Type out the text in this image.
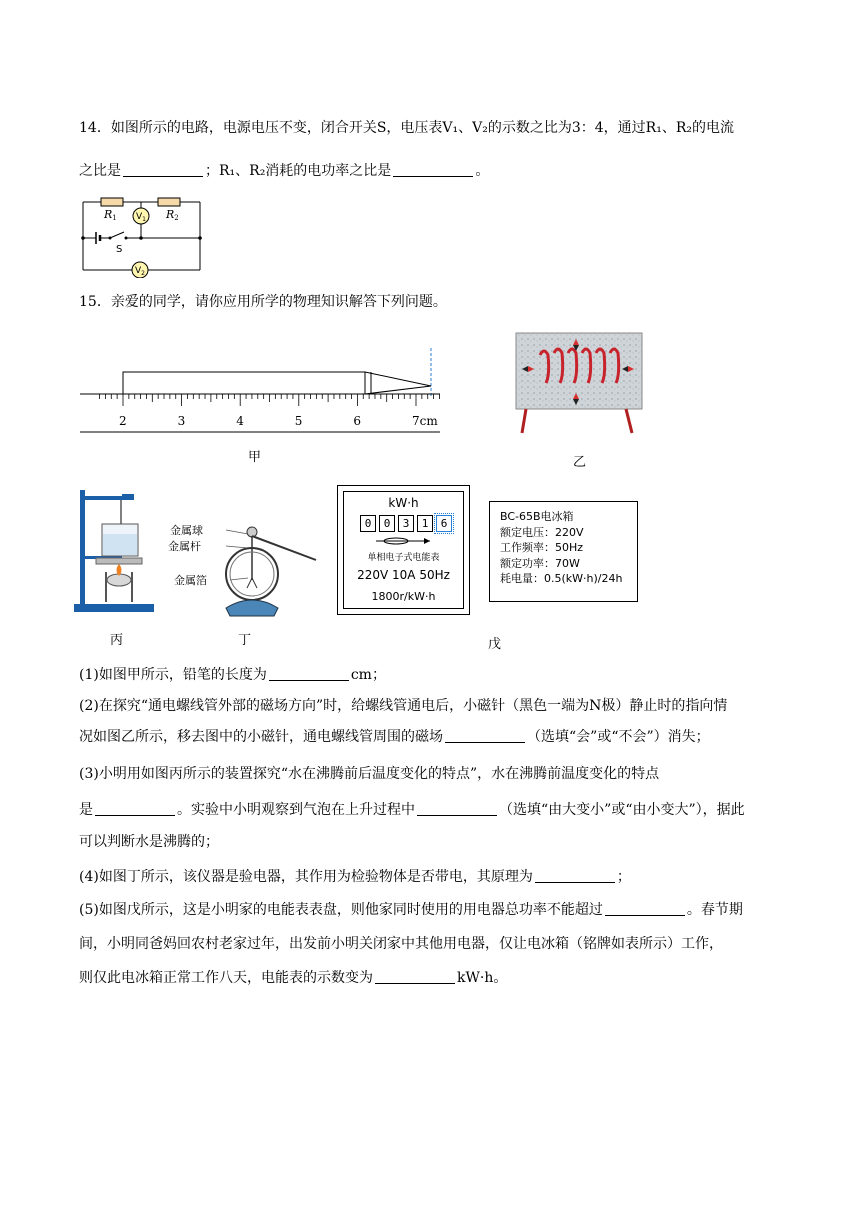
14．如图所示的电路，电源电压不变，闭合开关S，电压表V₁、V₂的示数之比为3：4，通过R₁、R₂的电流
之比是	；R₁、R₂消耗的电功率之比是	。
R1	R2
$V_1$
$V_2$
S
15．亲爱的同学，请你应用所学的物理知识解答下列问题。
2	3	4	5	6	7cm
甲	乙
丙
金属球
金属杆
金属箔
丁
kW·h
0	0	3	1	6
单相电子式电能表
220V 10A 50Hz
1800r/kW·h
戊
BC-65B电冰箱
额定电压：220V
工作频率：50Hz
额定功率：70W
耗电量：0.5(kW·h)/24h
(1)如图甲所示，铅笔的长度为	cm；
(2)在探究“通电螺线管外部的磁场方向”时，给螺线管通电后，小磁针（黑色一端为N极）静止时的指向情
况如图乙所示，移去图中的小磁针，通电螺线管周围的磁场	（选填“会”或“不会”）消失；
(3)小明用如图丙所示的装置探究“水在沸腾前后温度变化的特点”，水在沸腾前温度变化的特点
是	。实验中小明观察到气泡在上升过程中	（选填“由大变小”或“由小变大”），据此
可以判断水是沸腾的；
(4)如图丁所示，该仪器是验电器，其作用为检验物体是否带电，其原理为	；
(5)如图戊所示，这是小明家的电能表表盘，则他家同时使用的用电器总功率不能超过	。春节期
间，小明同爸妈回农村老家过年，出发前小明关闭家中其他用电器，仅让电冰箱（铭牌如表所示）工作，
则仅此电冰箱正常工作八天，电能表的示数变为	kW·h。
